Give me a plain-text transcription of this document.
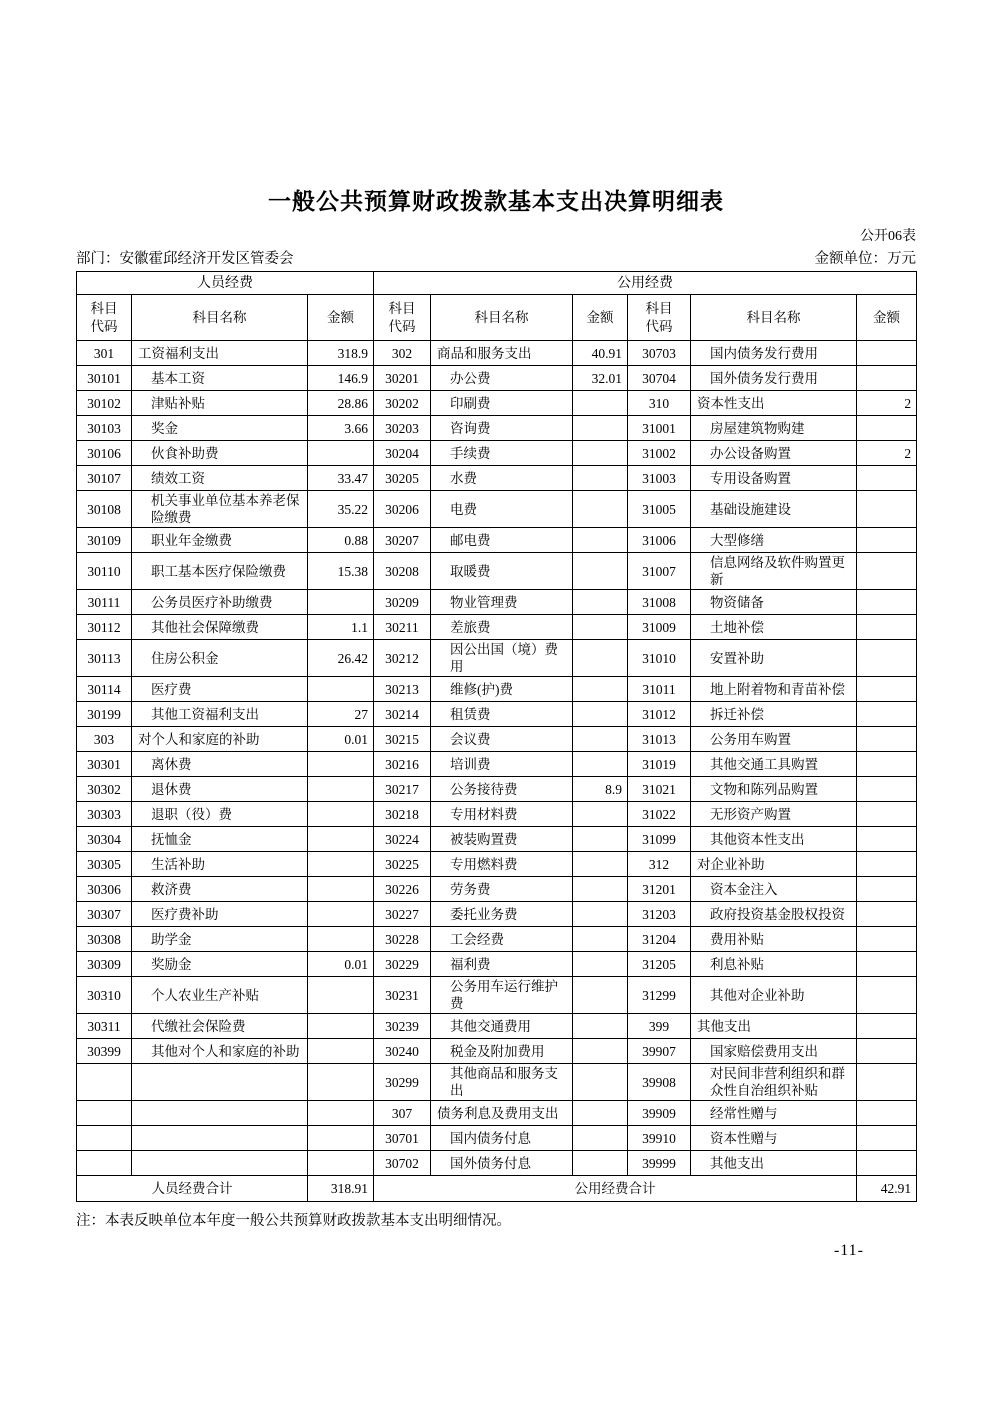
一般公共预算财政拨款基本支出决算明细表
公开06表
部门：安徽霍邱经济开发区管委会	金额单位：万元
人员经费			公用经费					
科目代码	科目名称	金额	科目代码	科目名称	金额	科目代码	科目名称	金额
301	工资福利支出	318.9	302	商品和服务支出	40.91	30703	国内债务发行费用	
30101	基本工资	146.9	30201	办公费	32.01	30704	国外债务发行费用	
30102	津贴补贴	28.86	30202	印刷费		310	资本性支出	2
30103	奖金	3.66	30203	咨询费		31001	房屋建筑物购建	
30106	伙食补助费		30204	手续费		31002	办公设备购置	2
30107	绩效工资	33.47	30205	水费		31003	专用设备购置	
30108	机关事业单位基本养老保险缴费	35.22	30206	电费		31005	基础设施建设	
30109	职业年金缴费	0.88	30207	邮电费		31006	大型修缮	
30110	职工基本医疗保险缴费	15.38	30208	取暖费		31007	信息网络及软件购置更新	
30111	公务员医疗补助缴费		30209	物业管理费		31008	物资储备	
30112	其他社会保障缴费	1.1	30211	差旅费		31009	土地补偿	
30113	住房公积金	26.42	30212	因公出国（境）费用		31010	安置补助	
30114	医疗费		30213	维修(护)费		31011	地上附着物和青苗补偿	
30199	其他工资福利支出	27	30214	租赁费		31012	拆迁补偿	
303	对个人和家庭的补助	0.01	30215	会议费		31013	公务用车购置	
30301	离休费		30216	培训费		31019	其他交通工具购置	
30302	退休费		30217	公务接待费	8.9	31021	文物和陈列品购置	
30303	退职（役）费		30218	专用材料费		31022	无形资产购置	
30304	抚恤金		30224	被装购置费		31099	其他资本性支出	
30305	生活补助		30225	专用燃料费		312	对企业补助	
30306	救济费		30226	劳务费		31201	资本金注入	
30307	医疗费补助		30227	委托业务费		31203	政府投资基金股权投资	
30308	助学金		30228	工会经费		31204	费用补贴	
30309	奖励金	0.01	30229	福利费		31205	利息补贴	
30310	个人农业生产补贴		30231	公务用车运行维护费		31299	其他对企业补助	
30311	代缴社会保险费		30239	其他交通费用		399	其他支出	
30399	其他对个人和家庭的补助		30240	税金及附加费用		39907	国家赔偿费用支出	
			30299	其他商品和服务支出		39908	对民间非营利组织和群众性自治组织补贴	
			307	债务利息及费用支出		39909	经常性赠与	
			30701	国内债务付息		39910	资本性赠与	
			30702	国外债务付息		39999	其他支出	
人员经费合计		318.91	公用经费合计					42.91
注：本表反映单位本年度一般公共预算财政拨款基本支出明细情况。
-11-
